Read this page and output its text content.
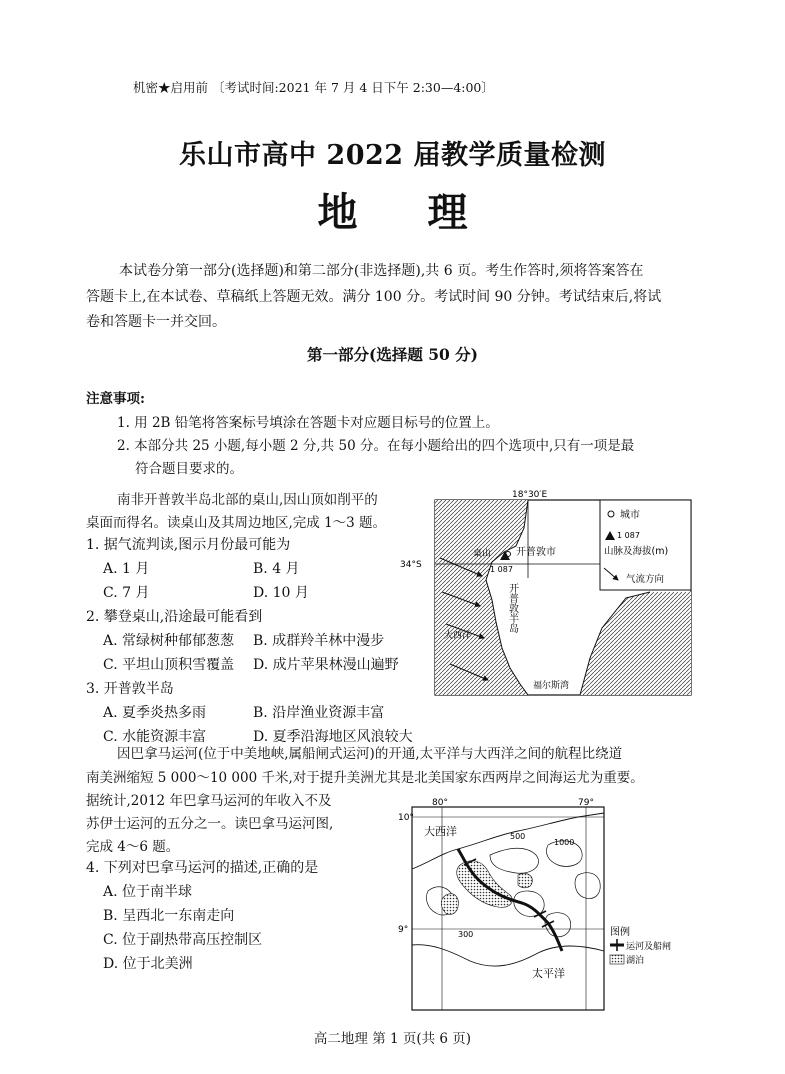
机密★启用前 〔考试时间:2021 年 7 月 4 日下午 2:30—4:00〕
乐山市高中 2022 届教学质量检测
地理
本试卷分第一部分(选择题)和第二部分(非选择题),共 6 页。考生作答时,须将答案答在
答题卡上,在本试卷、草稿纸上答题无效。满分 100 分。考试时间 90 分钟。考试结束后,将试
卷和答题卡一并交回。
第一部分(选择题 50 分)
注意事项:
1. 用 2B 铅笔将答案标号填涂在答题卡对应题目标号的位置上。
2. 本部分共 25 小题,每小题 2 分,共 50 分。在每小题给出的四个选项中,只有一项是最
符合题目要求的。
南非开普敦半岛北部的桌山,因山顶如削平的
桌面而得名。读桌山及其周边地区,完成 1～3 题。
1. 据气流判读,图示月份最可能为
A. 1 月	B. 4 月
C. 7 月	D. 10 月
2. 攀登桌山,沿途最可能看到
A. 常绿树种郁郁葱葱 B. 成群羚羊林中漫步
C. 平坦山顶积雪覆盖 D. 成片苹果林漫山遍野
3. 开普敦半岛
A. 夏季炎热多雨	B. 沿岸渔业资源丰富
C. 水能资源丰富	D. 夏季沿海地区风浪较大
城市
1 087
山脉及海拔(m)
气流方向
18°30′E
34°S
开普敦市
桌山
1 087
开普敦半岛
大西洋
福尔斯湾
因巴拿马运河(位于中美地峡,属船闸式运河)的开通,太平洋与大西洋之间的航程比绕道
南美洲缩短 5 000～10 000 千米,对于提升美洲尤其是北美国家东西两岸之间海运尤为重要。
据统计,2012 年巴拿马运河的年收入不及
苏伊士运河的五分之一。读巴拿马运河图,
完成 4～6 题。
4. 下列对巴拿马运河的描述,正确的是
A. 位于南半球
B. 呈西北一东南走向
C. 位于副热带高压控制区
D. 位于北美洲
80°	79°
10°
9°
大西洋
太平洋
500
1000
300	图例
运河及船闸
湖泊
高二地理 第 1 页(共 6 页)
